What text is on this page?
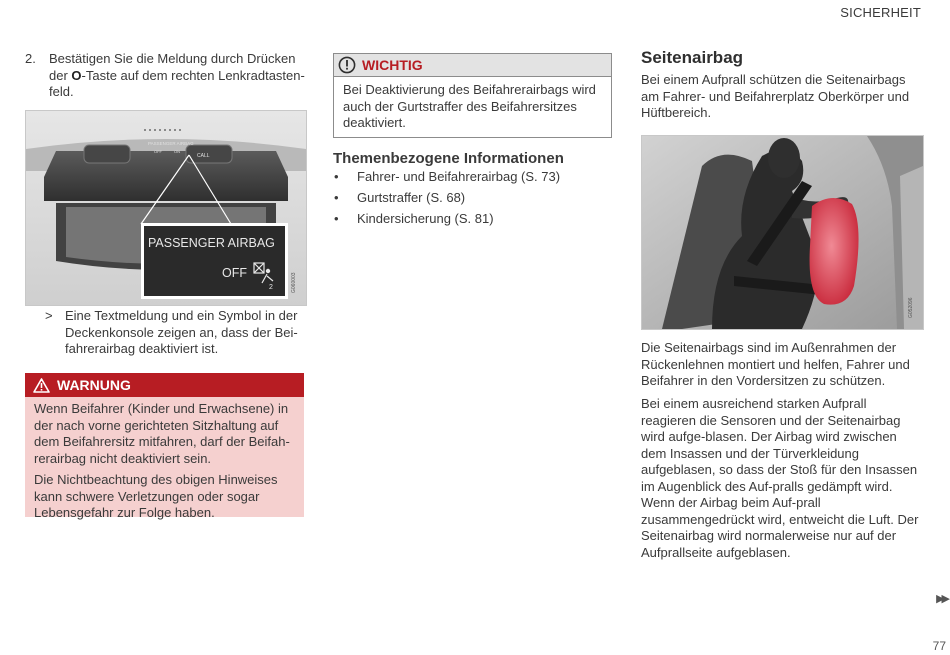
SICHERHEIT
2. Bestätigen Sie die Meldung durch Drücken der O-Taste auf dem rechten Lenkradtasten-feld.
PASSENGER AIRBAG
OFF	ON
CALL
PASSENGER AIRBAG
OFF
2	G060003
> Eine Textmeldung und ein Symbol in der Deckenkonsole zeigen an, dass der Bei-fahrerairbag deaktiviert ist.
WARNUNG

Wenn Beifahrer (Kinder und Erwachsene) in der nach vorne gerichteten Sitzhaltung auf dem Beifahrersitz mitfahren, darf der Beifah-rerairbag nicht deaktiviert sein.

Die Nichtbeachtung des obigen Hinweises kann schwere Verletzungen oder sogar Lebensgefahr zur Folge haben.

WICHTIG
Bei Deaktivierung des Beifahrerairbags wird auch der Gurtstraffer des Beifahrersitzes deaktiviert.
Themenbezogene Informationen
• Fahrer- und Beifahrerairbag (S. 73)
• Gurtstraffer (S. 68)
• Kindersicherung (S. 81)
Seitenairbag

Bei einem Aufprall schützen die Seitenairbags am Fahrer- und Beifahrerplatz Oberkörper und Hüftbereich.

G052096

Die Seitenairbags sind im Außenrahmen der Rückenlehnen montiert und helfen, Fahrer und Beifahrer in den Vordersitzen zu schützen.

Bei einem ausreichend starken Aufprall reagieren die Sensoren und der Seitenairbag wird aufge-blasen. Der Airbag wird zwischen dem Insassen und der Türverkleidung aufgeblasen, so dass der Stoß für den Insassen im Augenblick des Auf-pralls gedämpft wird. Wenn der Airbag beim Auf-prall zusammengedrückt wird, entweicht die Luft. Der Seitenairbag wird normalerweise nur auf der Aufprallseite aufgeblasen.

▶▶
77
